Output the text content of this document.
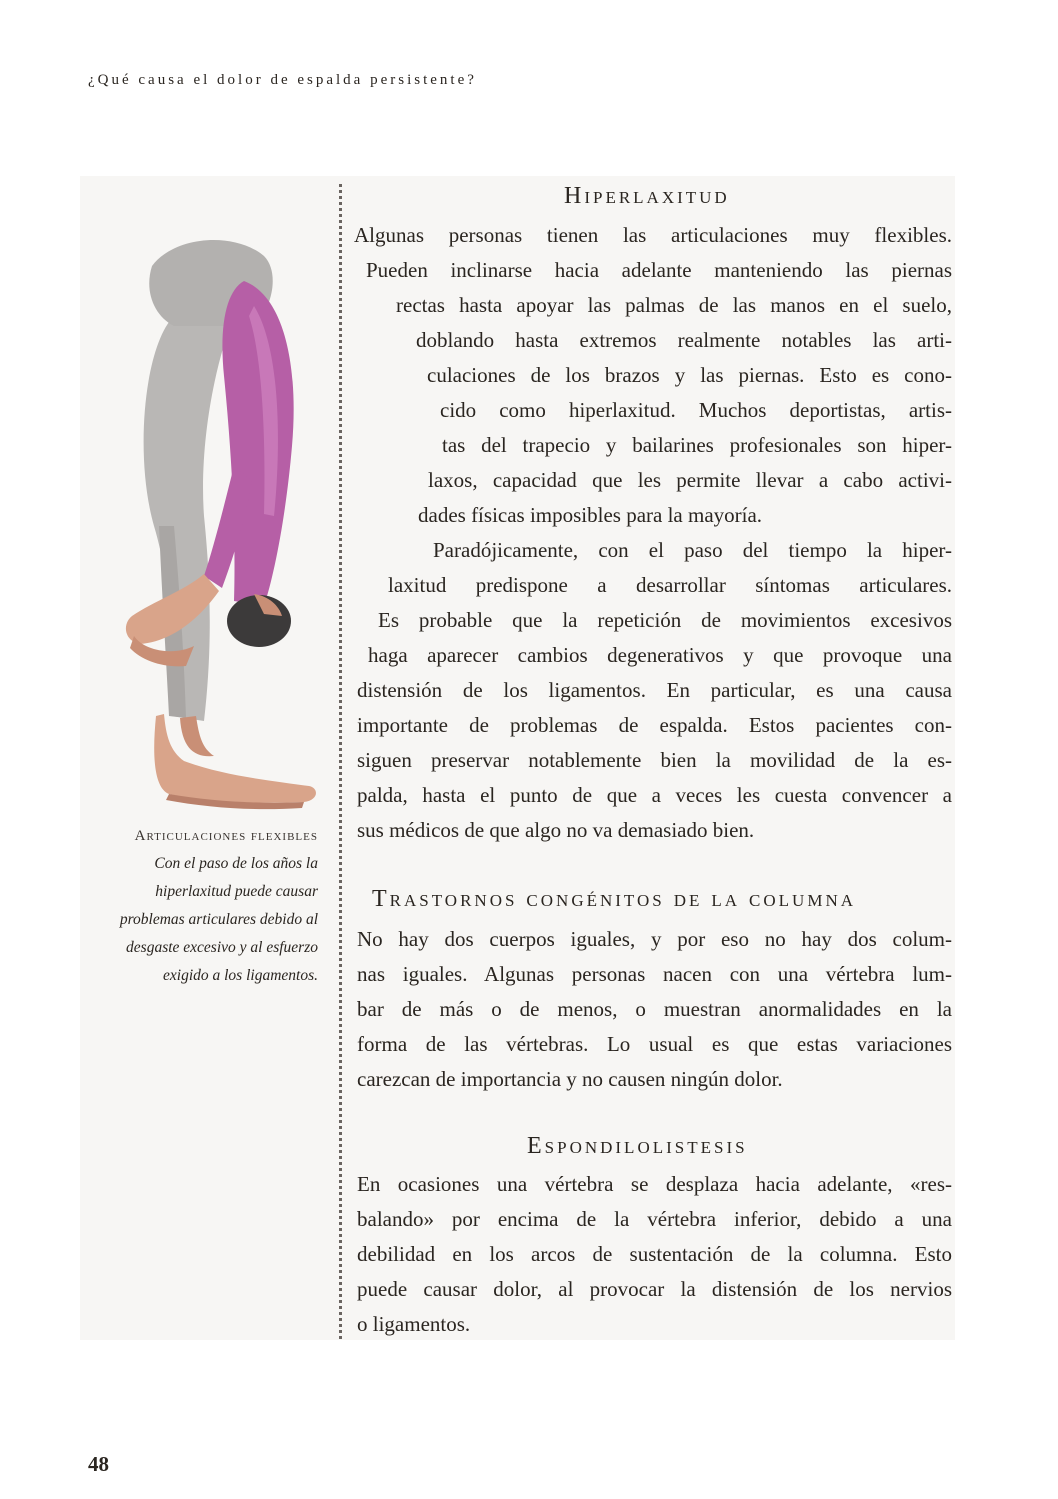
¿Qué causa el dolor de espalda persistente?
Articulaciones flexibles
Con el paso de los años la
hiperlaxitud puede causar
problemas articulares debido al
desgaste excesivo y al esfuerzo
exigido a los ligamentos.
Hiperlaxitud
Algunas personas tienen las articulaciones muy flexibles.
Pueden inclinarse hacia adelante manteniendo las piernas
rectas hasta apoyar las palmas de las manos en el suelo,
doblando hasta extremos realmente notables las arti-
culaciones de los brazos y las piernas. Esto es cono-
cido como hiperlaxitud. Muchos deportistas, artis-
tas del trapecio y bailarines profesionales son hiper-
laxos, capacidad que les permite llevar a cabo activi-
dades físicas imposibles para la mayoría.
Paradójicamente, con el paso del tiempo la hiper-
laxitud predispone a desarrollar síntomas articulares.
Es probable que la repetición de movimientos excesivos
haga aparecer cambios degenerativos y que provoque una
distensión de los ligamentos. En particular, es una causa
importante de problemas de espalda. Estos pacientes con-
siguen preservar notablemente bien la movilidad de la es-
palda, hasta el punto de que a veces les cuesta convencer a
sus médicos de que algo no va demasiado bien.
Trastornos congénitos de la columna
No hay dos cuerpos iguales, y por eso no hay dos colum-
nas iguales. Algunas personas nacen con una vértebra lum-
bar de más o de menos, o muestran anormalidades en la
forma de las vértebras. Lo usual es que estas variaciones
carezcan de importancia y no causen ningún dolor.
Espondilolistesis
En ocasiones una vértebra se desplaza hacia adelante, «res-
balando» por encima de la vértebra inferior, debido a una
debilidad en los arcos de sustentación de la columna. Esto
puede causar dolor, al provocar la distensión de los nervios
o ligamentos.
48
